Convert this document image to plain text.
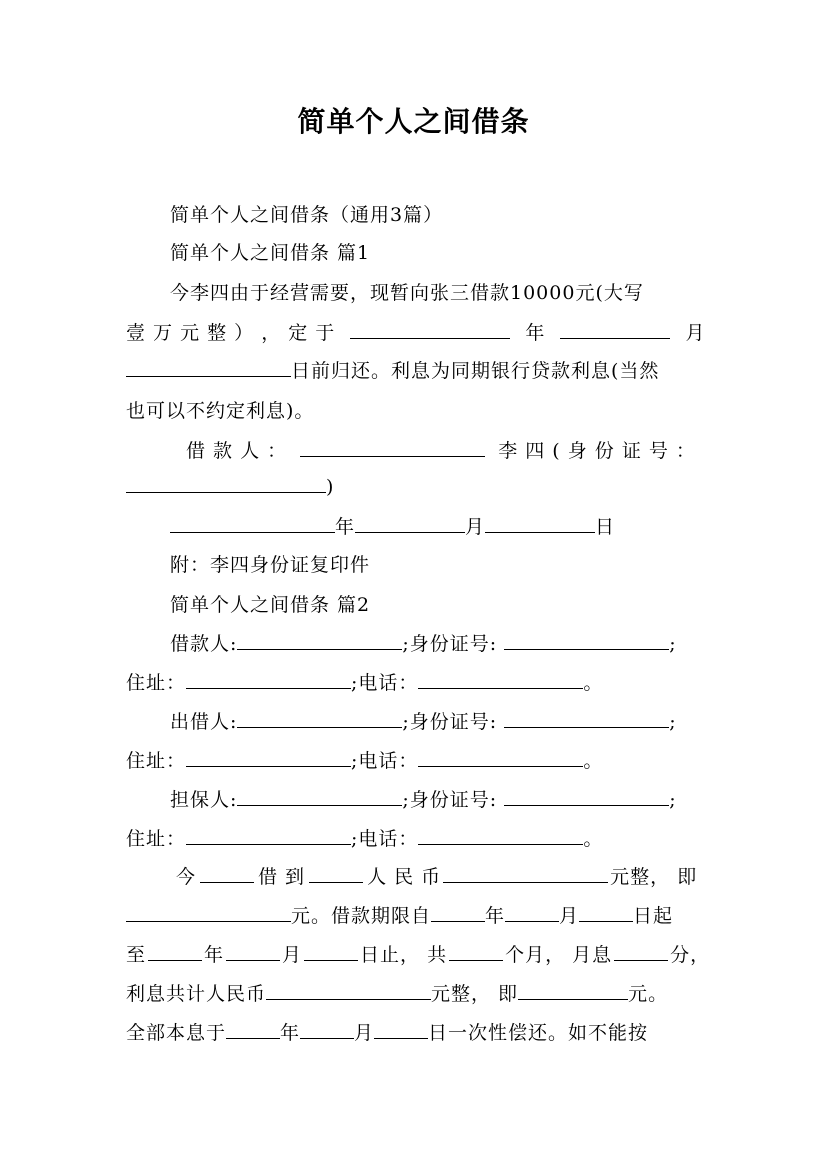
简单个人之间借条
简单个人之间借条（通用3篇）
简单个人之间借条 篇1
今李四由于经营需要，现暂向张三借款10000元(大写
壹 万 元 整 ） ， 定 于	年	月
日前归还。利息为同期银行贷款利息(当然
也可以不约定利息)。
借 款 人 ：	李 四 ( 身 份 证 号 ：
)
年	月	日
附：李四身份证复印件
简单个人之间借条 篇2
借款人:	;身份证号:	;
住址：	;电话：	。
出借人:	;身份证号:	;
住址：	;电话：	。
担保人:	;身份证号:	;
住址：	;电话：	。
今	借 到	人 民 币	元整， 即
元。借款期限自	年	月	日起
至	年	月	日止， 共	个月， 月息	分，
利息共计人民币	元整， 即	元。
全部本息于	年	月	日一次性偿还。如不能按
